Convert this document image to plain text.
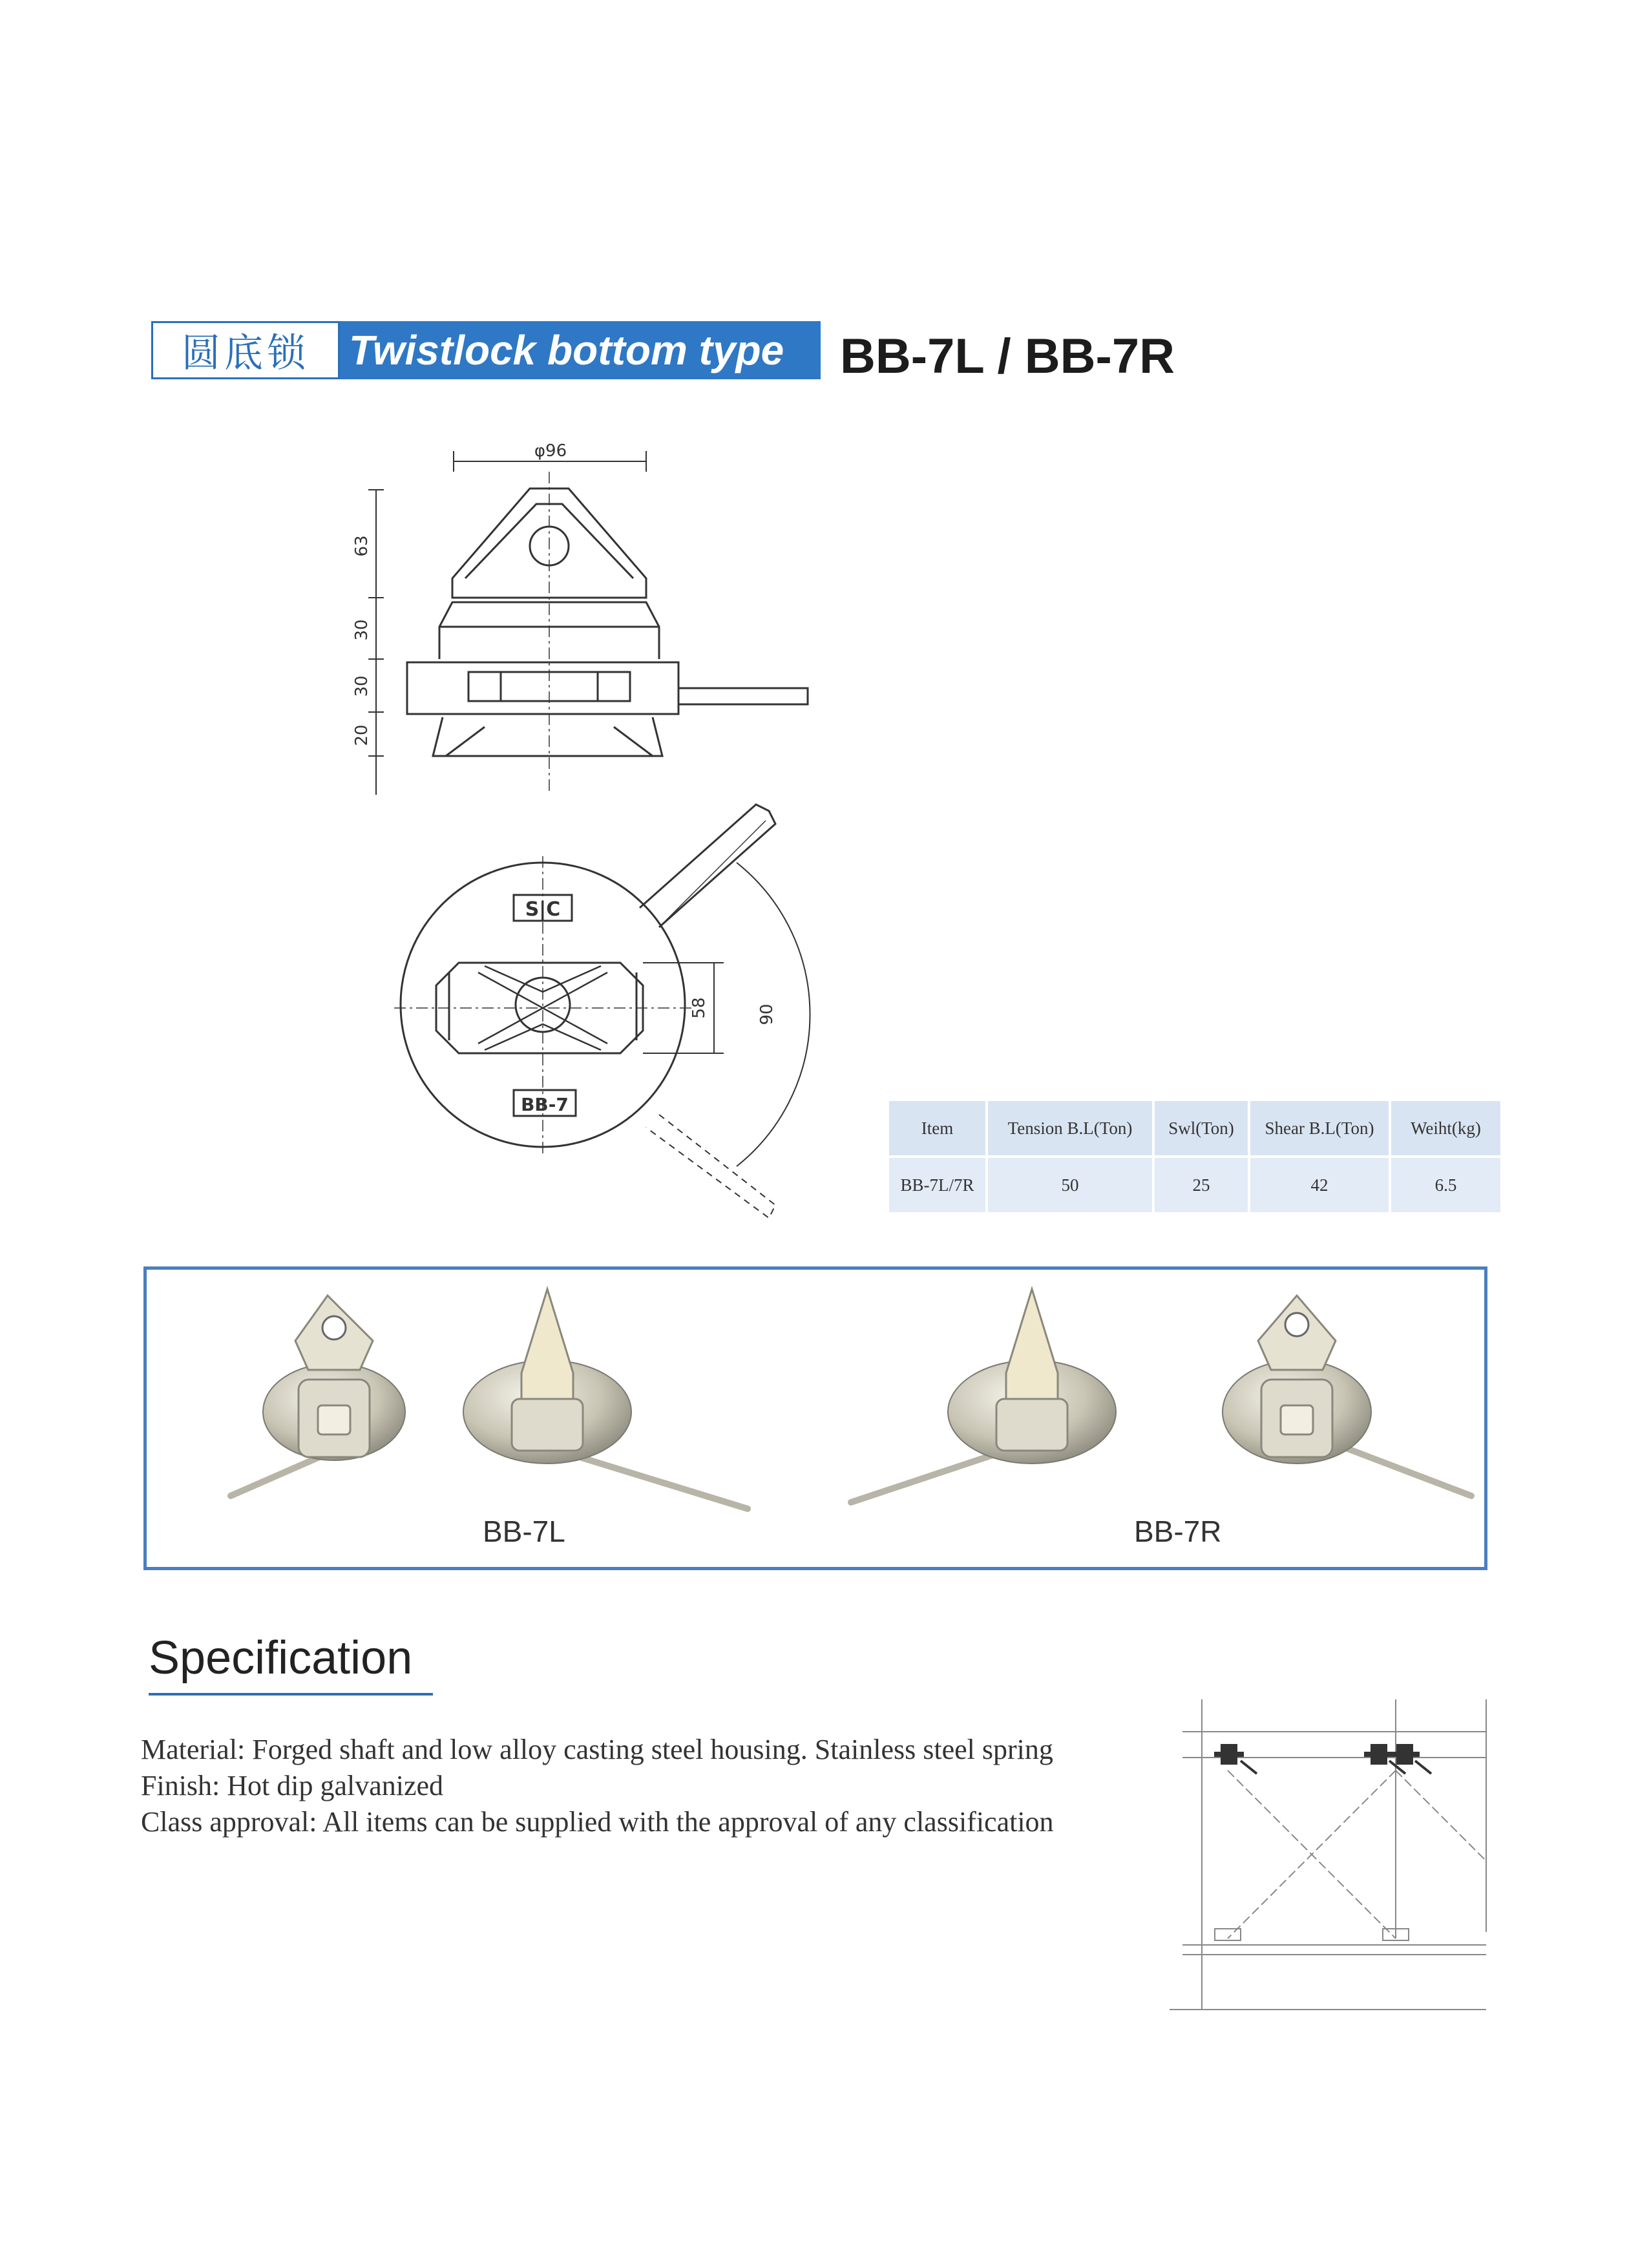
圆底锁 Twistlock bottom type	BB-7L / BB-7R
φ96
63
30
30
20
S|C
BB-7
58	90
Item	Tension B.L(Ton)	Swl(Ton)	Shear B.L(Ton)	Weiht(kg)
BB-7L/7R	50	25	42	6.5
BB-7L	BB-7R
Specification
Material: Forged shaft and low alloy casting steel housing. Stainless steel spring
Finish: Hot dip galvanized
Class approval: All items can be supplied with the approval of any classification
